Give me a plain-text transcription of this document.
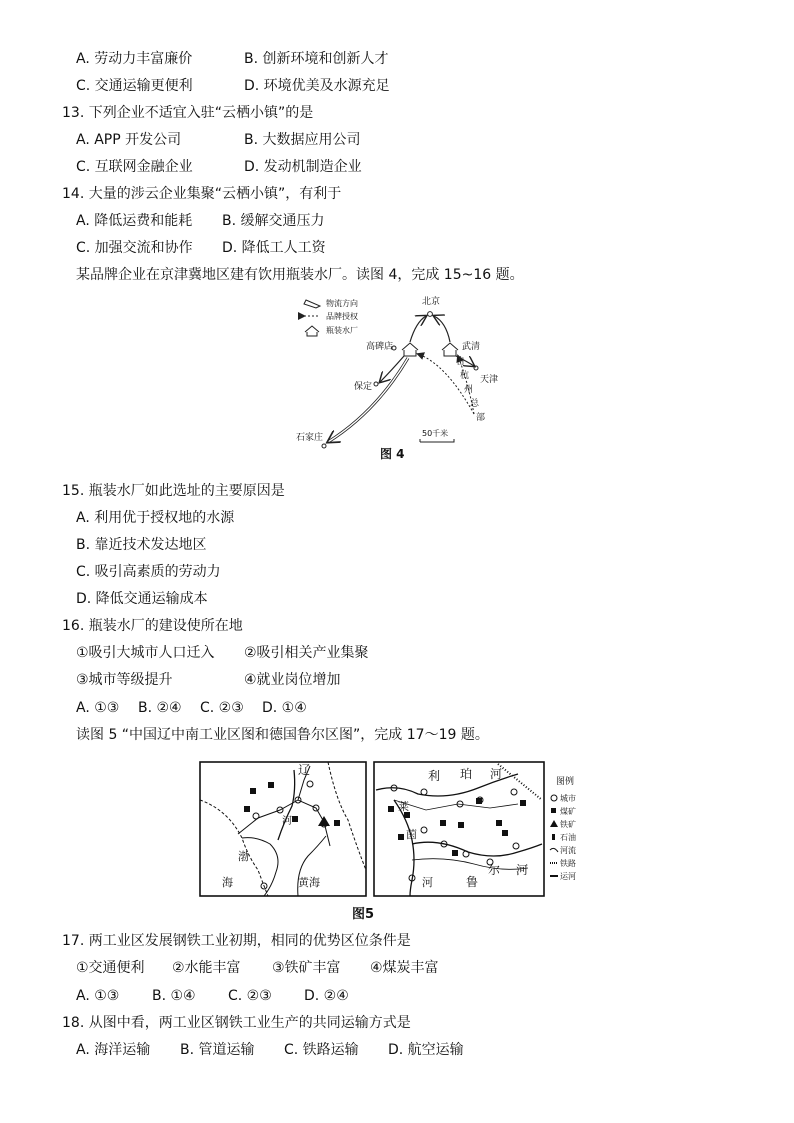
A. 劳动力丰富廉价	B. 创新环境和创新人才
C. 交通运输更便利	D. 环境优美及水源充足
13. 下列企业不适宜入驻“云栖小镇”的是
A. APP 开发公司	B. 大数据应用公司
C. 互联网金融企业	D. 发动机制造企业
14. 大量的涉云企业集聚“云栖小镇”，有利于
A. 降低运费和能耗 B. 缓解交通压力
C. 加强交流和协作 D. 降低工人工资
某品牌企业在京津冀地区建有饮用瓶装水厂。读图 4，完成 15~16 题。
物流方向
品牌授权
瓶装水厂
北京
高碑店	武清
天津
保定
石家庄
自
杭
州
总
部
50千米
图 4
15. 瓶装水厂如此选址的主要原因是
A. 利用优于授权地的水源
B. 靠近技术发达地区
C. 吸引高素质的劳动力
D. 降低交通运输成本
16. 瓶装水厂的建设使所在地
①吸引大城市人口迁入 ②吸引相关产业集聚
③城市等级提升	④就业岗位增加
A. ①③ B. ②④ C. ②③ D. ①④
读图 5 “中国辽中南工业区图和德国鲁尔区图”，完成 17～19 题。
辽
河
渤
海	黄海
利 珀 河
莱
茵
河	鲁
尔 河
图例
城市
煤矿
铁矿
石油
河流
铁路
运河
图5
17. 两工业区发展钢铁工业初期，相同的优势区位条件是
①交通便利 ②水能丰富 ③铁矿丰富 ④煤炭丰富
A. ①③ B. ①④ C. ②③ D. ②④
18. 从图中看，两工业区钢铁工业生产的共同运输方式是
A. 海洋运输 B. 管道运输 C. 铁路运输 D. 航空运输
